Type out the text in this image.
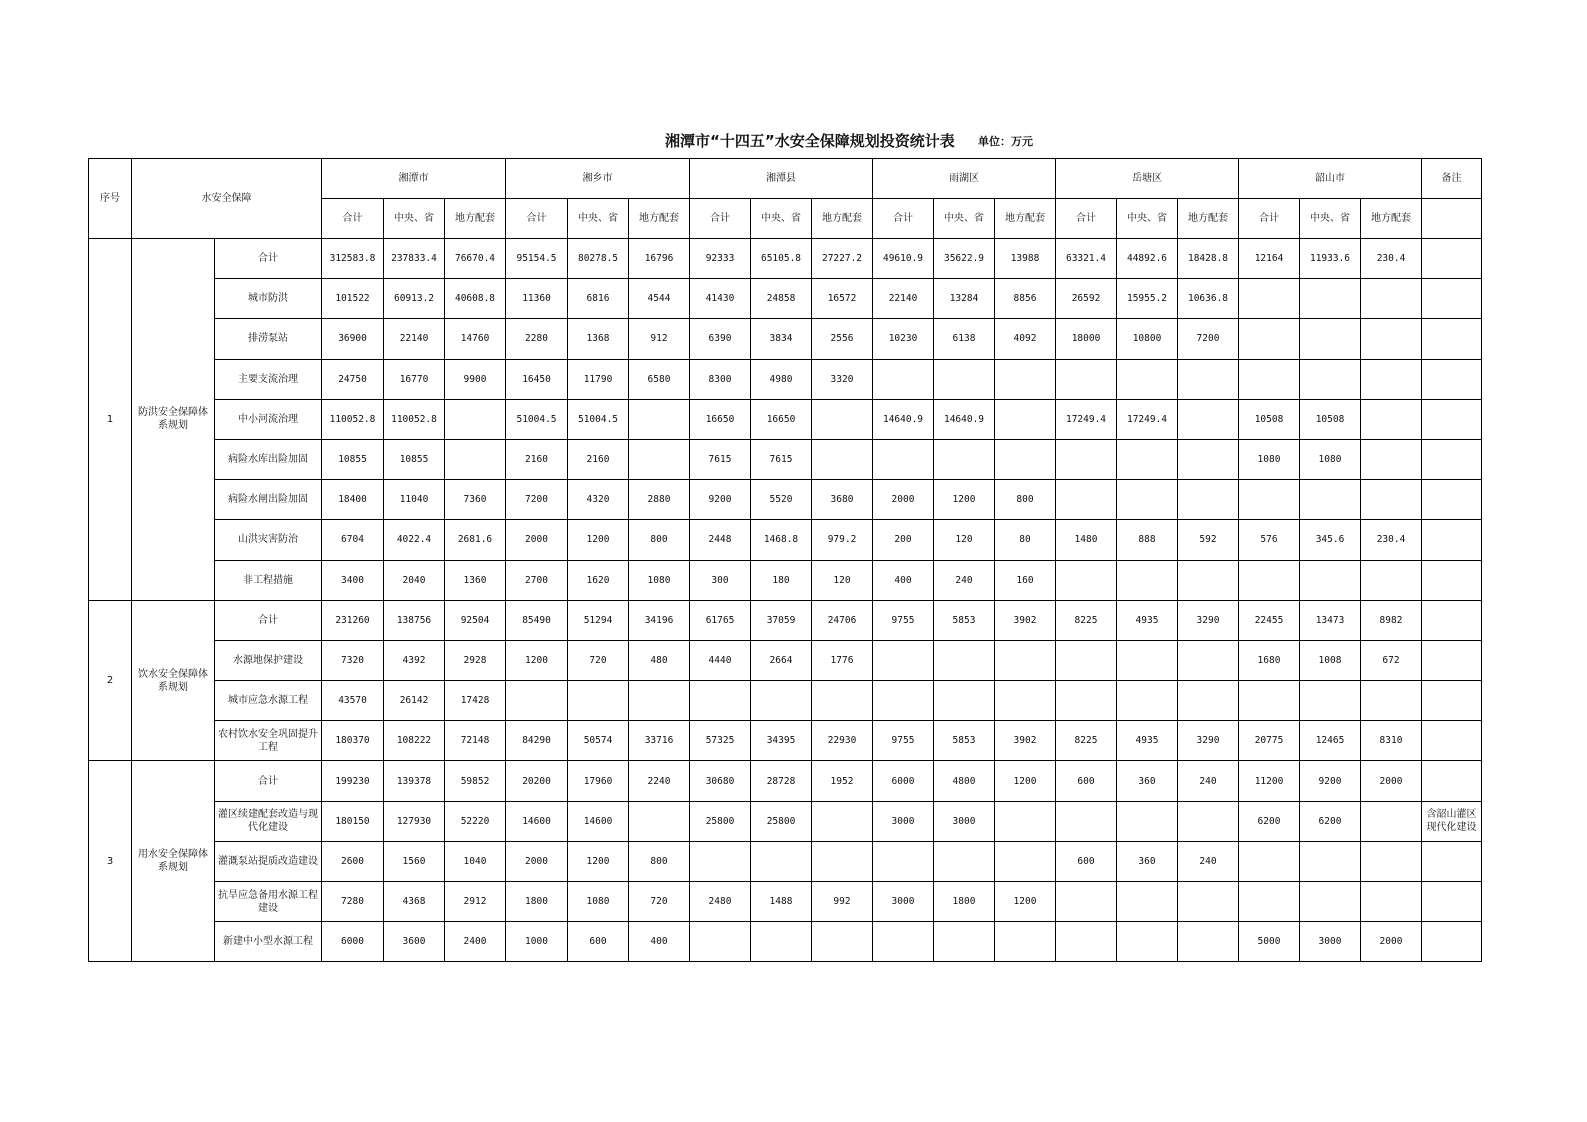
湘潭市“十四五”水安全保障规划投资统计表 单位：万元
序号	水安全保障		湘潭市			湘乡市			湘潭县			雨湖区			岳塘区			韶山市			备注
			合计	中央、省	地方配套	合计	中央、省	地方配套	合计	中央、省	地方配套	合计	中央、省	地方配套	合计	中央、省	地方配套	合计	中央、省	地方配套	
1	防洪安全保障体系规划	合计	312583.8	237833.4	76670.4	95154.5	80278.5	16796	92333	65105.8	27227.2	49610.9	35622.9	13988	63321.4	44892.6	18428.8	12164	11933.6	230.4	
		城市防洪	101522	60913.2	40608.8	11360	6816	4544	41430	24858	16572	22140	13284	8856	26592	15955.2	10636.8				
		排涝泵站	36900	22140	14760	2280	1368	912	6390	3834	2556	10230	6138	4092	18000	10800	7200				
		主要支流治理	24750	16770	9900	16450	11790	6580	8300	4980	3320										
		中小河流治理	110052.8	110052.8		51004.5	51004.5		16650	16650		14640.9	14640.9		17249.4	17249.4		10508	10508		
		病险水库出险加固	10855	10855		2160	2160		7615	7615								1080	1080		
		病险水闸出险加固	18400	11040	7360	7200	4320	2880	9200	5520	3680	2000	1200	800							
		山洪灾害防治	6704	4022.4	2681.6	2000	1200	800	2448	1468.8	979.2	200	120	80	1480	888	592	576	345.6	230.4	
		非工程措施	3400	2040	1360	2700	1620	1080	300	180	120	400	240	160							
2	饮水安全保障体系规划	合计	231260	138756	92504	85490	51294	34196	61765	37059	24706	9755	5853	3902	8225	4935	3290	22455	13473	8982	
		水源地保护建设	7320	4392	2928	1200	720	480	4440	2664	1776							1680	1008	672	
		城市应急水源工程	43570	26142	17428																
		农村饮水安全巩固提升工程	180370	108222	72148	84290	50574	33716	57325	34395	22930	9755	5853	3902	8225	4935	3290	20775	12465	8310	
3	用水安全保障体系规划	合计	199230	139378	59852	20200	17960	2240	30680	28728	1952	6000	4800	1200	600	360	240	11200	9200	2000	
		灌区续建配套改造与现代化建设	180150	127930	52220	14600	14600		25800	25800		3000	3000					6200	6200		含韶山灌区现代化建设
		灌溉泵站提质改造建设	2600	1560	1040	2000	1200	800							600	360	240				
		抗旱应急备用水源工程建设	7280	4368	2912	1800	1080	720	2480	1488	992	3000	1800	1200							
		新建中小型水源工程	6000	3600	2400	1000	600	400										5000	3000	2000	
